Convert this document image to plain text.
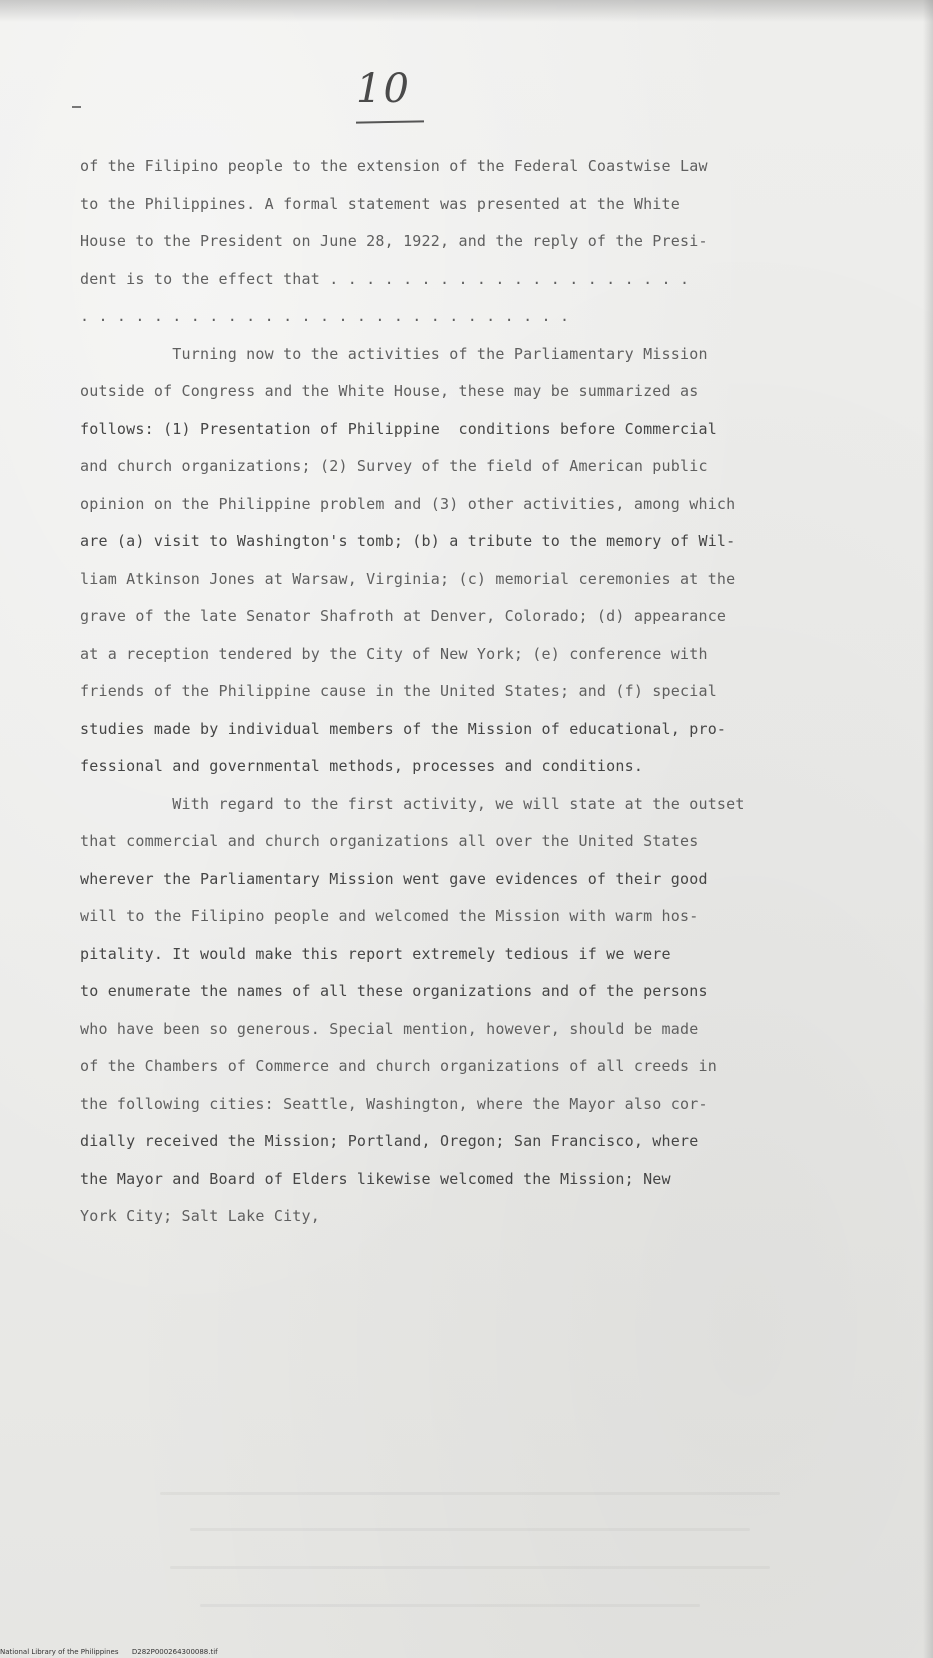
10
of the Filipino people to the extension of the Federal Coastwise Law
to the Philippines. A formal statement was presented at the White
House to the President on June 28, 1922, and the reply of the Presi-
dent is to the effect that . . . . . . . . . . . . . . . . . . . .
. . . . . . . . . . . . . . . . . . . . . . . . . . .
Turning now to the activities of the Parliamentary Mission
outside of Congress and the White House, these may be summarized as
follows: (1) Presentation of Philippine  conditions before Commercial
and church organizations; (2) Survey of the field of American public
opinion on the Philippine problem and (3) other activities, among which
are (a) visit to Washington's tomb; (b) a tribute to the memory of Wil-
liam Atkinson Jones at Warsaw, Virginia; (c) memorial ceremonies at the
grave of the late Senator Shafroth at Denver, Colorado; (d) appearance
at a reception tendered by the City of New York; (e) conference with
friends of the Philippine cause in the United States; and (f) special
studies made by individual members of the Mission of educational, pro-
fessional and governmental methods, processes and conditions.
With regard to the first activity, we will state at the outset
that commercial and church organizations all over the United States
wherever the Parliamentary Mission went gave evidences of their good
will to the Filipino people and welcomed the Mission with warm hos-
pitality. It would make this report extremely tedious if we were
to enumerate the names of all these organizations and of the persons
who have been so generous. Special mention, however, should be made
of the Chambers of Commerce and church organizations of all creeds in
the following cities: Seattle, Washington, where the Mayor also cor-
dially received the Mission; Portland, Oregon; San Francisco, where
the Mayor and Board of Elders likewise welcomed the Mission; New
York City; Salt Lake City,
National Library of the Philippines      D282P000264300088.tif
